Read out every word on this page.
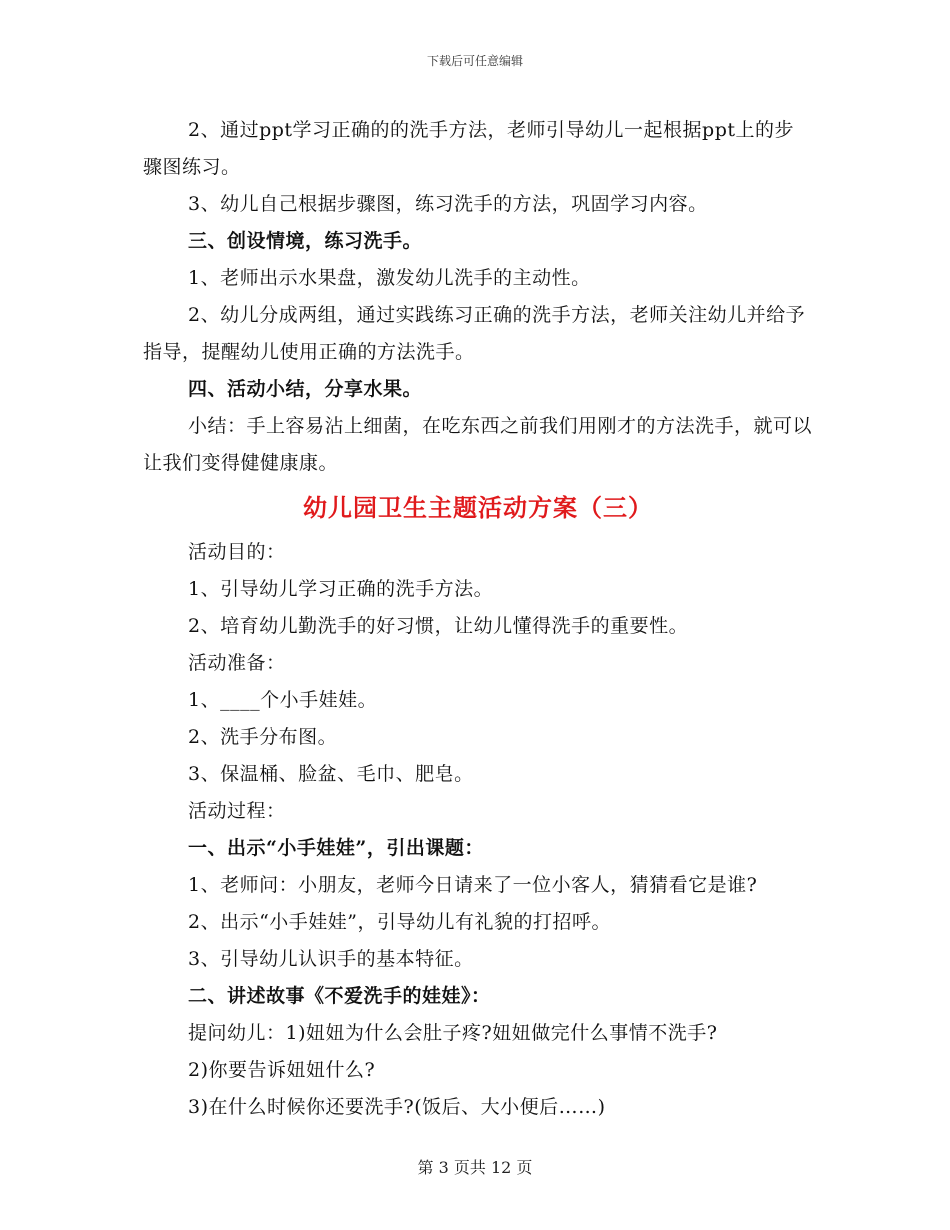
下载后可任意编辑

2、通过ppt学习正确的的洗手方法，老师引导幼儿一起根据ppt上的步骤图练习。

3、幼儿自己根据步骤图，练习洗手的方法，巩固学习内容。

三、创设情境，练习洗手。

1、老师出示水果盘，激发幼儿洗手的主动性。

2、幼儿分成两组，通过实践练习正确的洗手方法，老师关注幼儿并给予指导，提醒幼儿使用正确的方法洗手。

四、活动小结，分享水果。

小结：手上容易沾上细菌，在吃东西之前我们用刚才的方法洗手，就可以让我们变得健健康康。

幼儿园卫生主题活动方案（三）

活动目的：

1、引导幼儿学习正确的洗手方法。

2、培育幼儿勤洗手的好习惯，让幼儿懂得洗手的重要性。

活动准备：

1、____个小手娃娃。

2、洗手分布图。

3、保温桶、脸盆、毛巾、肥皂。

活动过程：

一、出示“小手娃娃”，引出课题：

1、老师问：小朋友，老师今日请来了一位小客人，猜猜看它是谁?

2、出示“小手娃娃”，引导幼儿有礼貌的打招呼。

3、引导幼儿认识手的基本特征。

二、讲述故事《不爱洗手的娃娃》：

提问幼儿：1)妞妞为什么会肚子疼?妞妞做完什么事情不洗手?

2)你要告诉妞妞什么?

3)在什么时候你还要洗手?(饭后、大小便后……)

第 3 页共 12 页
